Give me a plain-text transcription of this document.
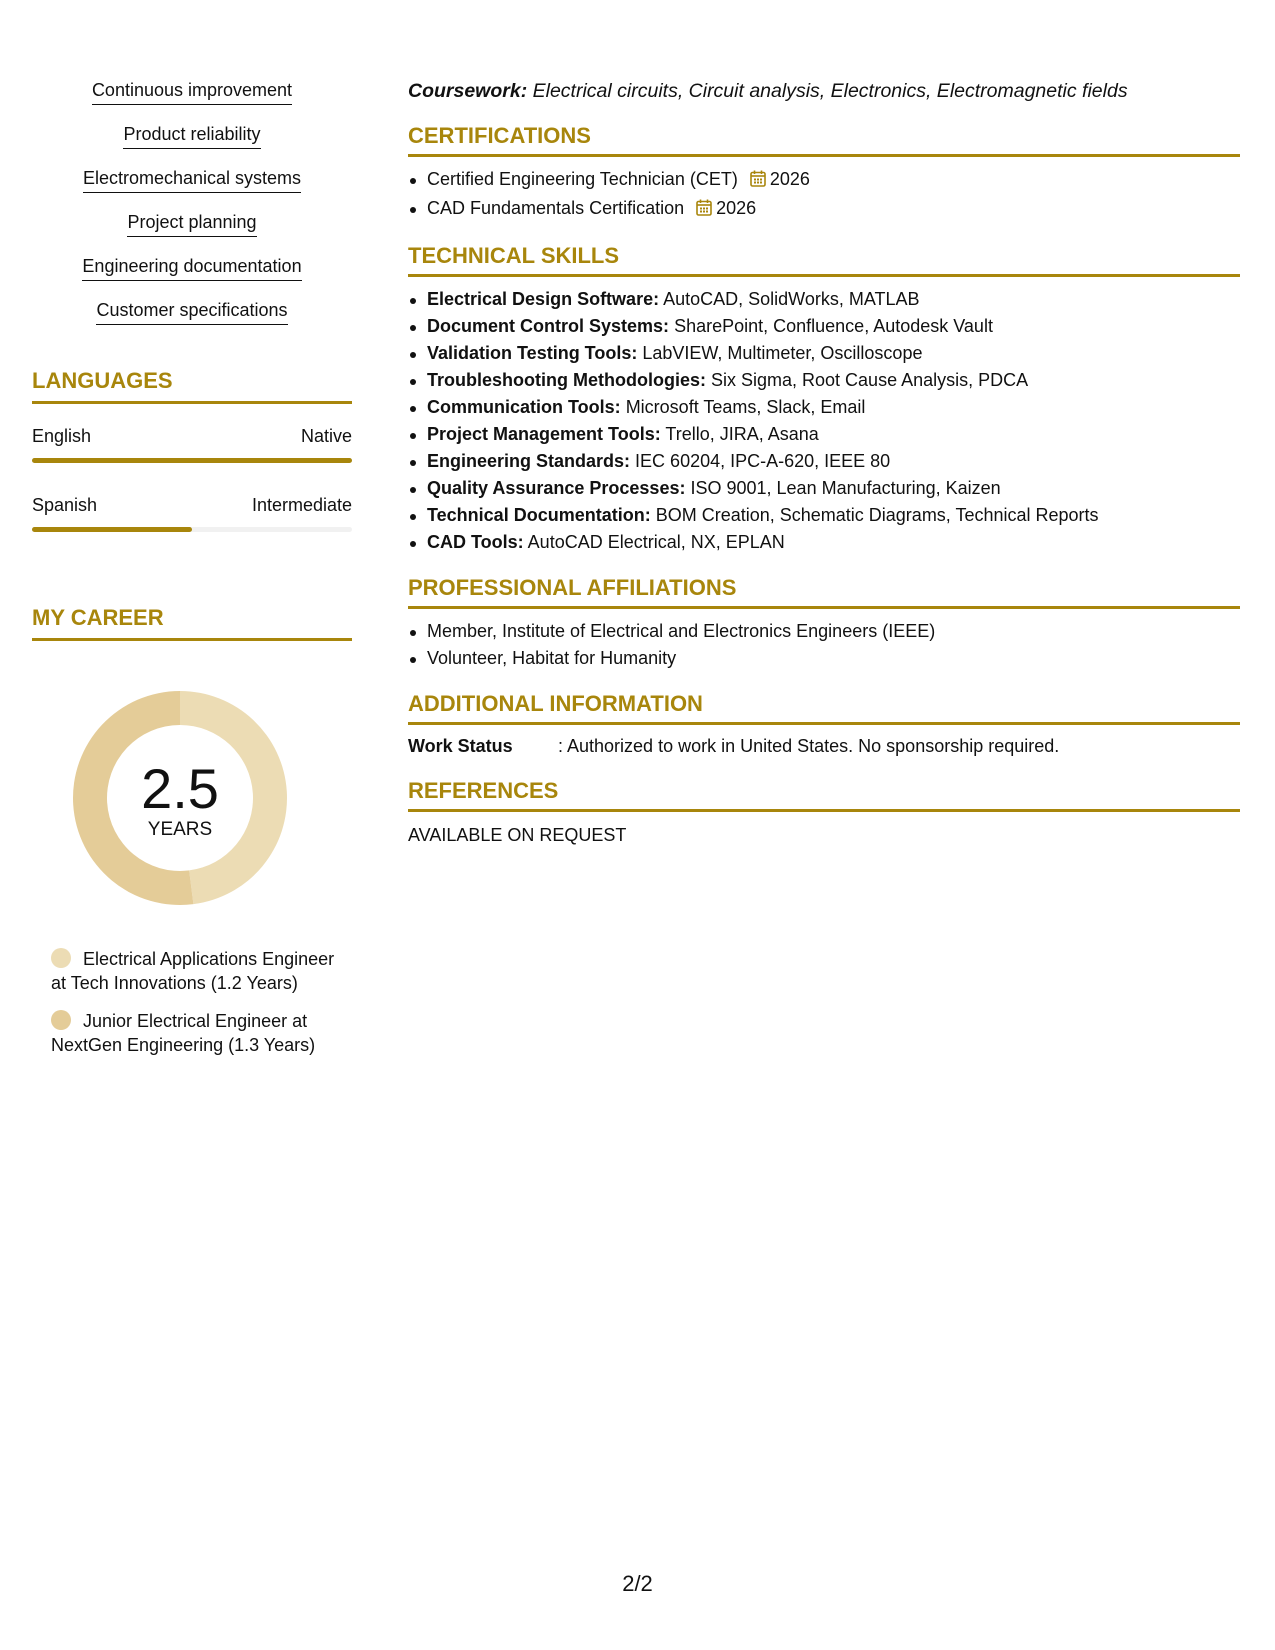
Continuous improvement
Product reliability
Electromechanical systems
Project planning
Engineering documentation
Customer specifications
LANGUAGES
English	Native
Spanish	Intermediate
MY CAREER
2.5
YEARS
Electrical Applications Engineer at Tech Innovations (1.2 Years)
Junior Electrical Engineer at NextGen Engineering (1.3 Years)
Coursework: Electrical circuits, Circuit analysis, Electronics, Electromagnetic fields
CERTIFICATIONS
Certified Engineering Technician (CET) 2026
CAD Fundamentals Certification 2026
TECHNICAL SKILLS
Electrical Design Software: AutoCAD, SolidWorks, MATLAB
Document Control Systems: SharePoint, Confluence, Autodesk Vault
Validation Testing Tools: LabVIEW, Multimeter, Oscilloscope
Troubleshooting Methodologies: Six Sigma, Root Cause Analysis, PDCA
Communication Tools: Microsoft Teams, Slack, Email
Project Management Tools: Trello, JIRA, Asana
Engineering Standards: IEC 60204, IPC-A-620, IEEE 80
Quality Assurance Processes: ISO 9001, Lean Manufacturing, Kaizen
Technical Documentation: BOM Creation, Schematic Diagrams, Technical Reports
CAD Tools: AutoCAD Electrical, NX, EPLAN
PROFESSIONAL AFFILIATIONS
Member, Institute of Electrical and Electronics Engineers (IEEE)
Volunteer, Habitat for Humanity
ADDITIONAL INFORMATION
Work Status	: Authorized to work in United States. No sponsorship required.
REFERENCES
AVAILABLE ON REQUEST
2/2
